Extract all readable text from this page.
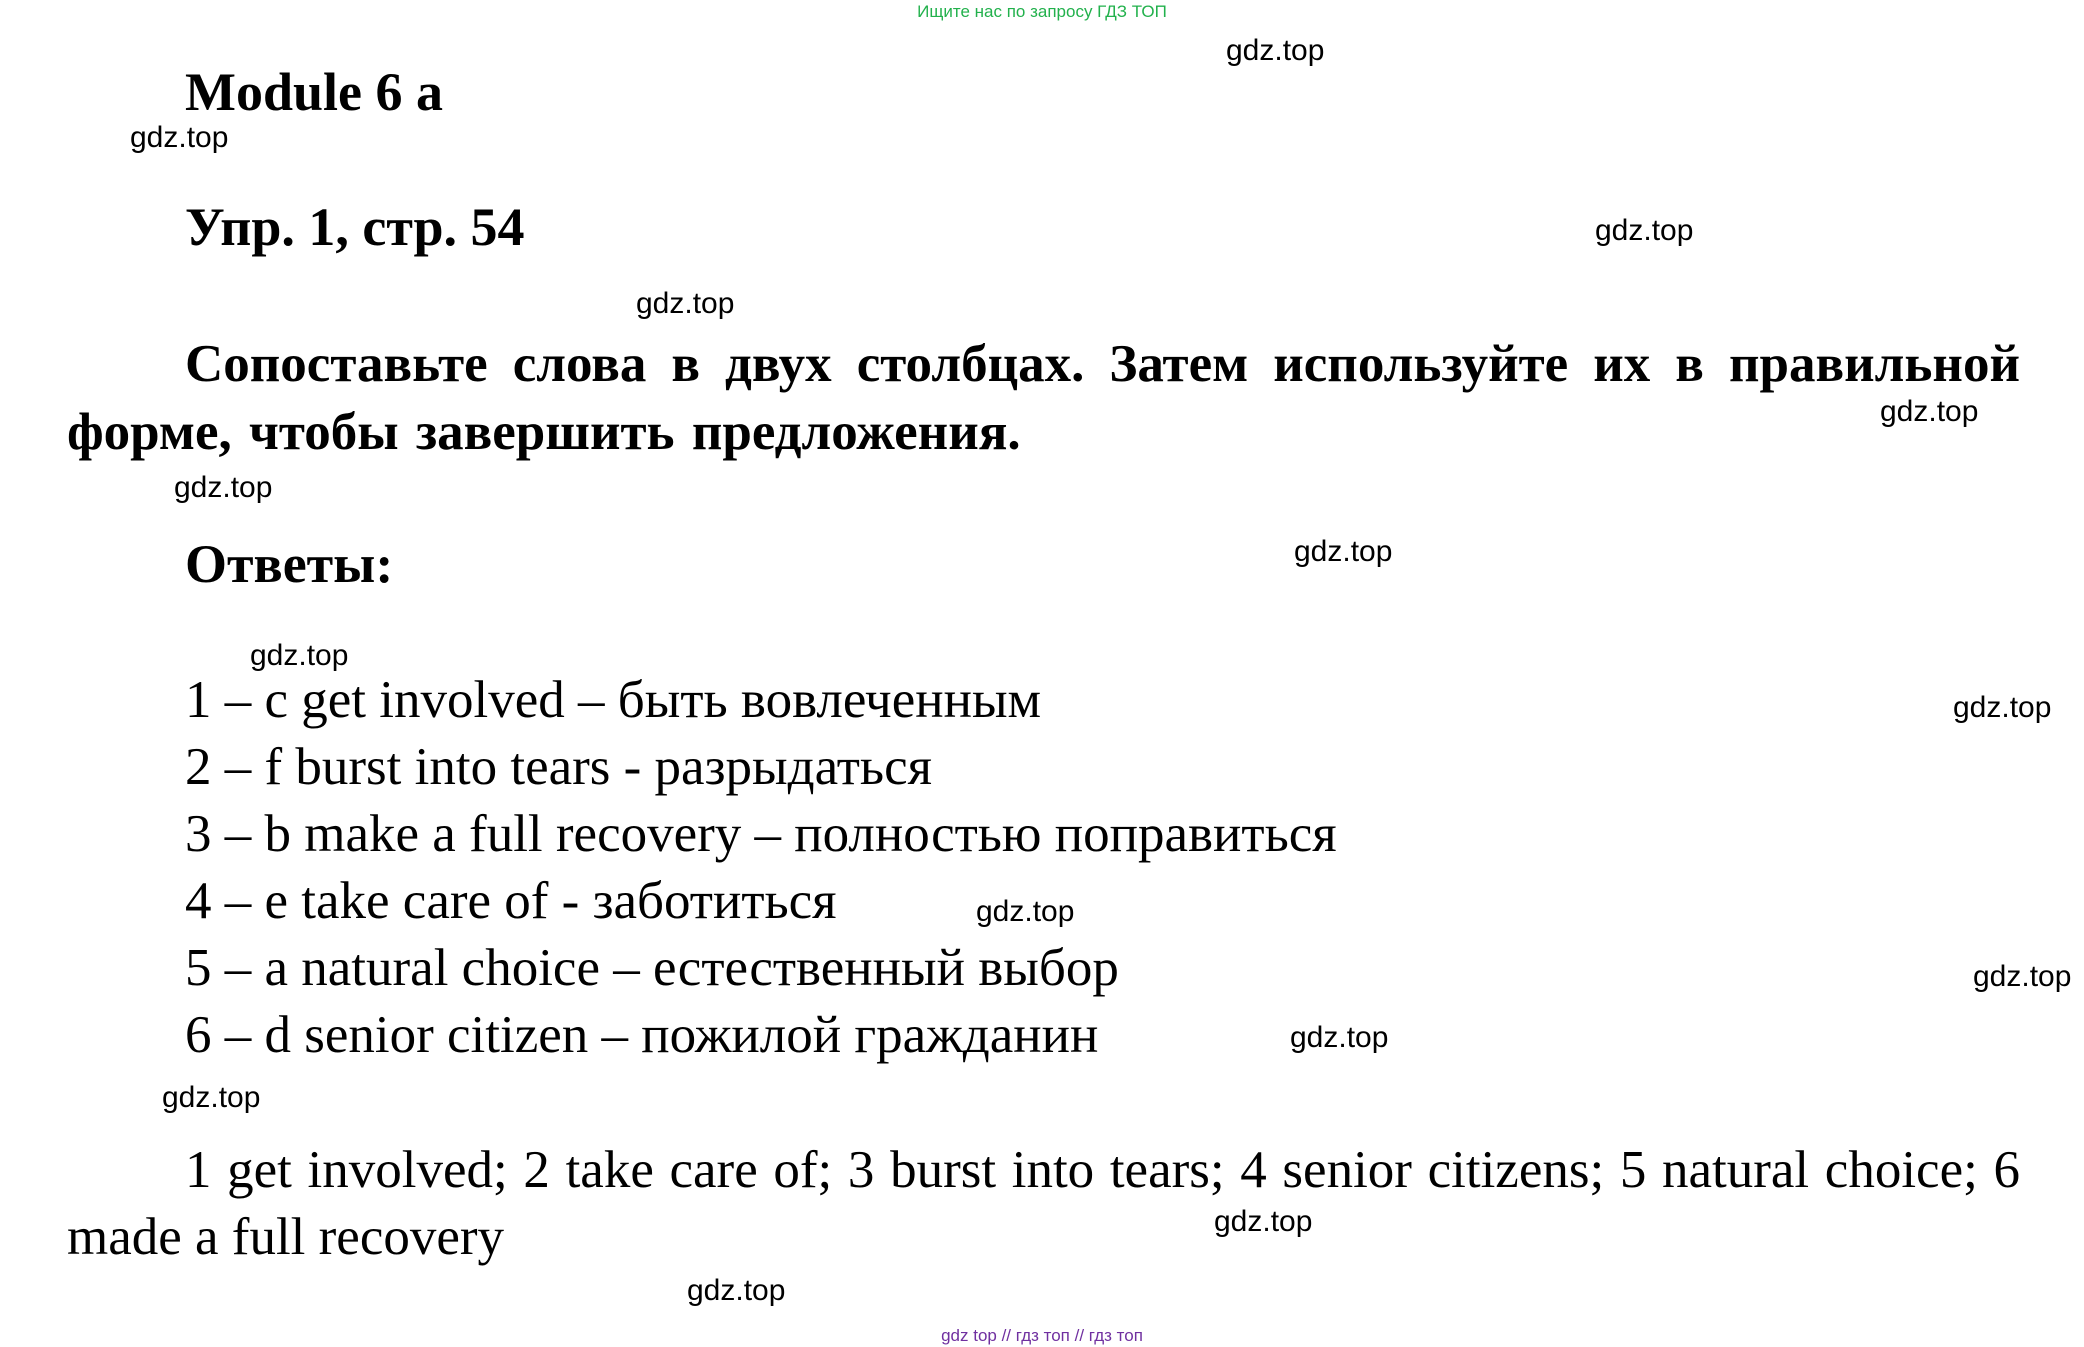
Ищите нас по запросу ГДЗ ТОП
Module 6 a
Упр. 1, стр. 54
Сопоставьте слова в двух столбцах. Затем используйте их в правильной форме, чтобы завершить предложения.
Ответы:
1 – c get involved – быть вовлеченным
2 – f burst into tears - разрыдаться
3 – b make a full recovery – полностью поправиться
4 – e take care of - заботиться
5 – a natural choice – естественный выбор
6 – d senior citizen – пожилой гражданин
1 get involved; 2 take care of; 3 burst into tears; 4 senior citizens; 5 natural choice; 6 made a full recovery
gdz.top
gdz.top
gdz.top
gdz.top
gdz.top
gdz.top
gdz.top
gdz.top
gdz.top
gdz.top
gdz.top
gdz.top
gdz.top
gdz.top
gdz.top
gdz top // гдз топ // гдз топ
